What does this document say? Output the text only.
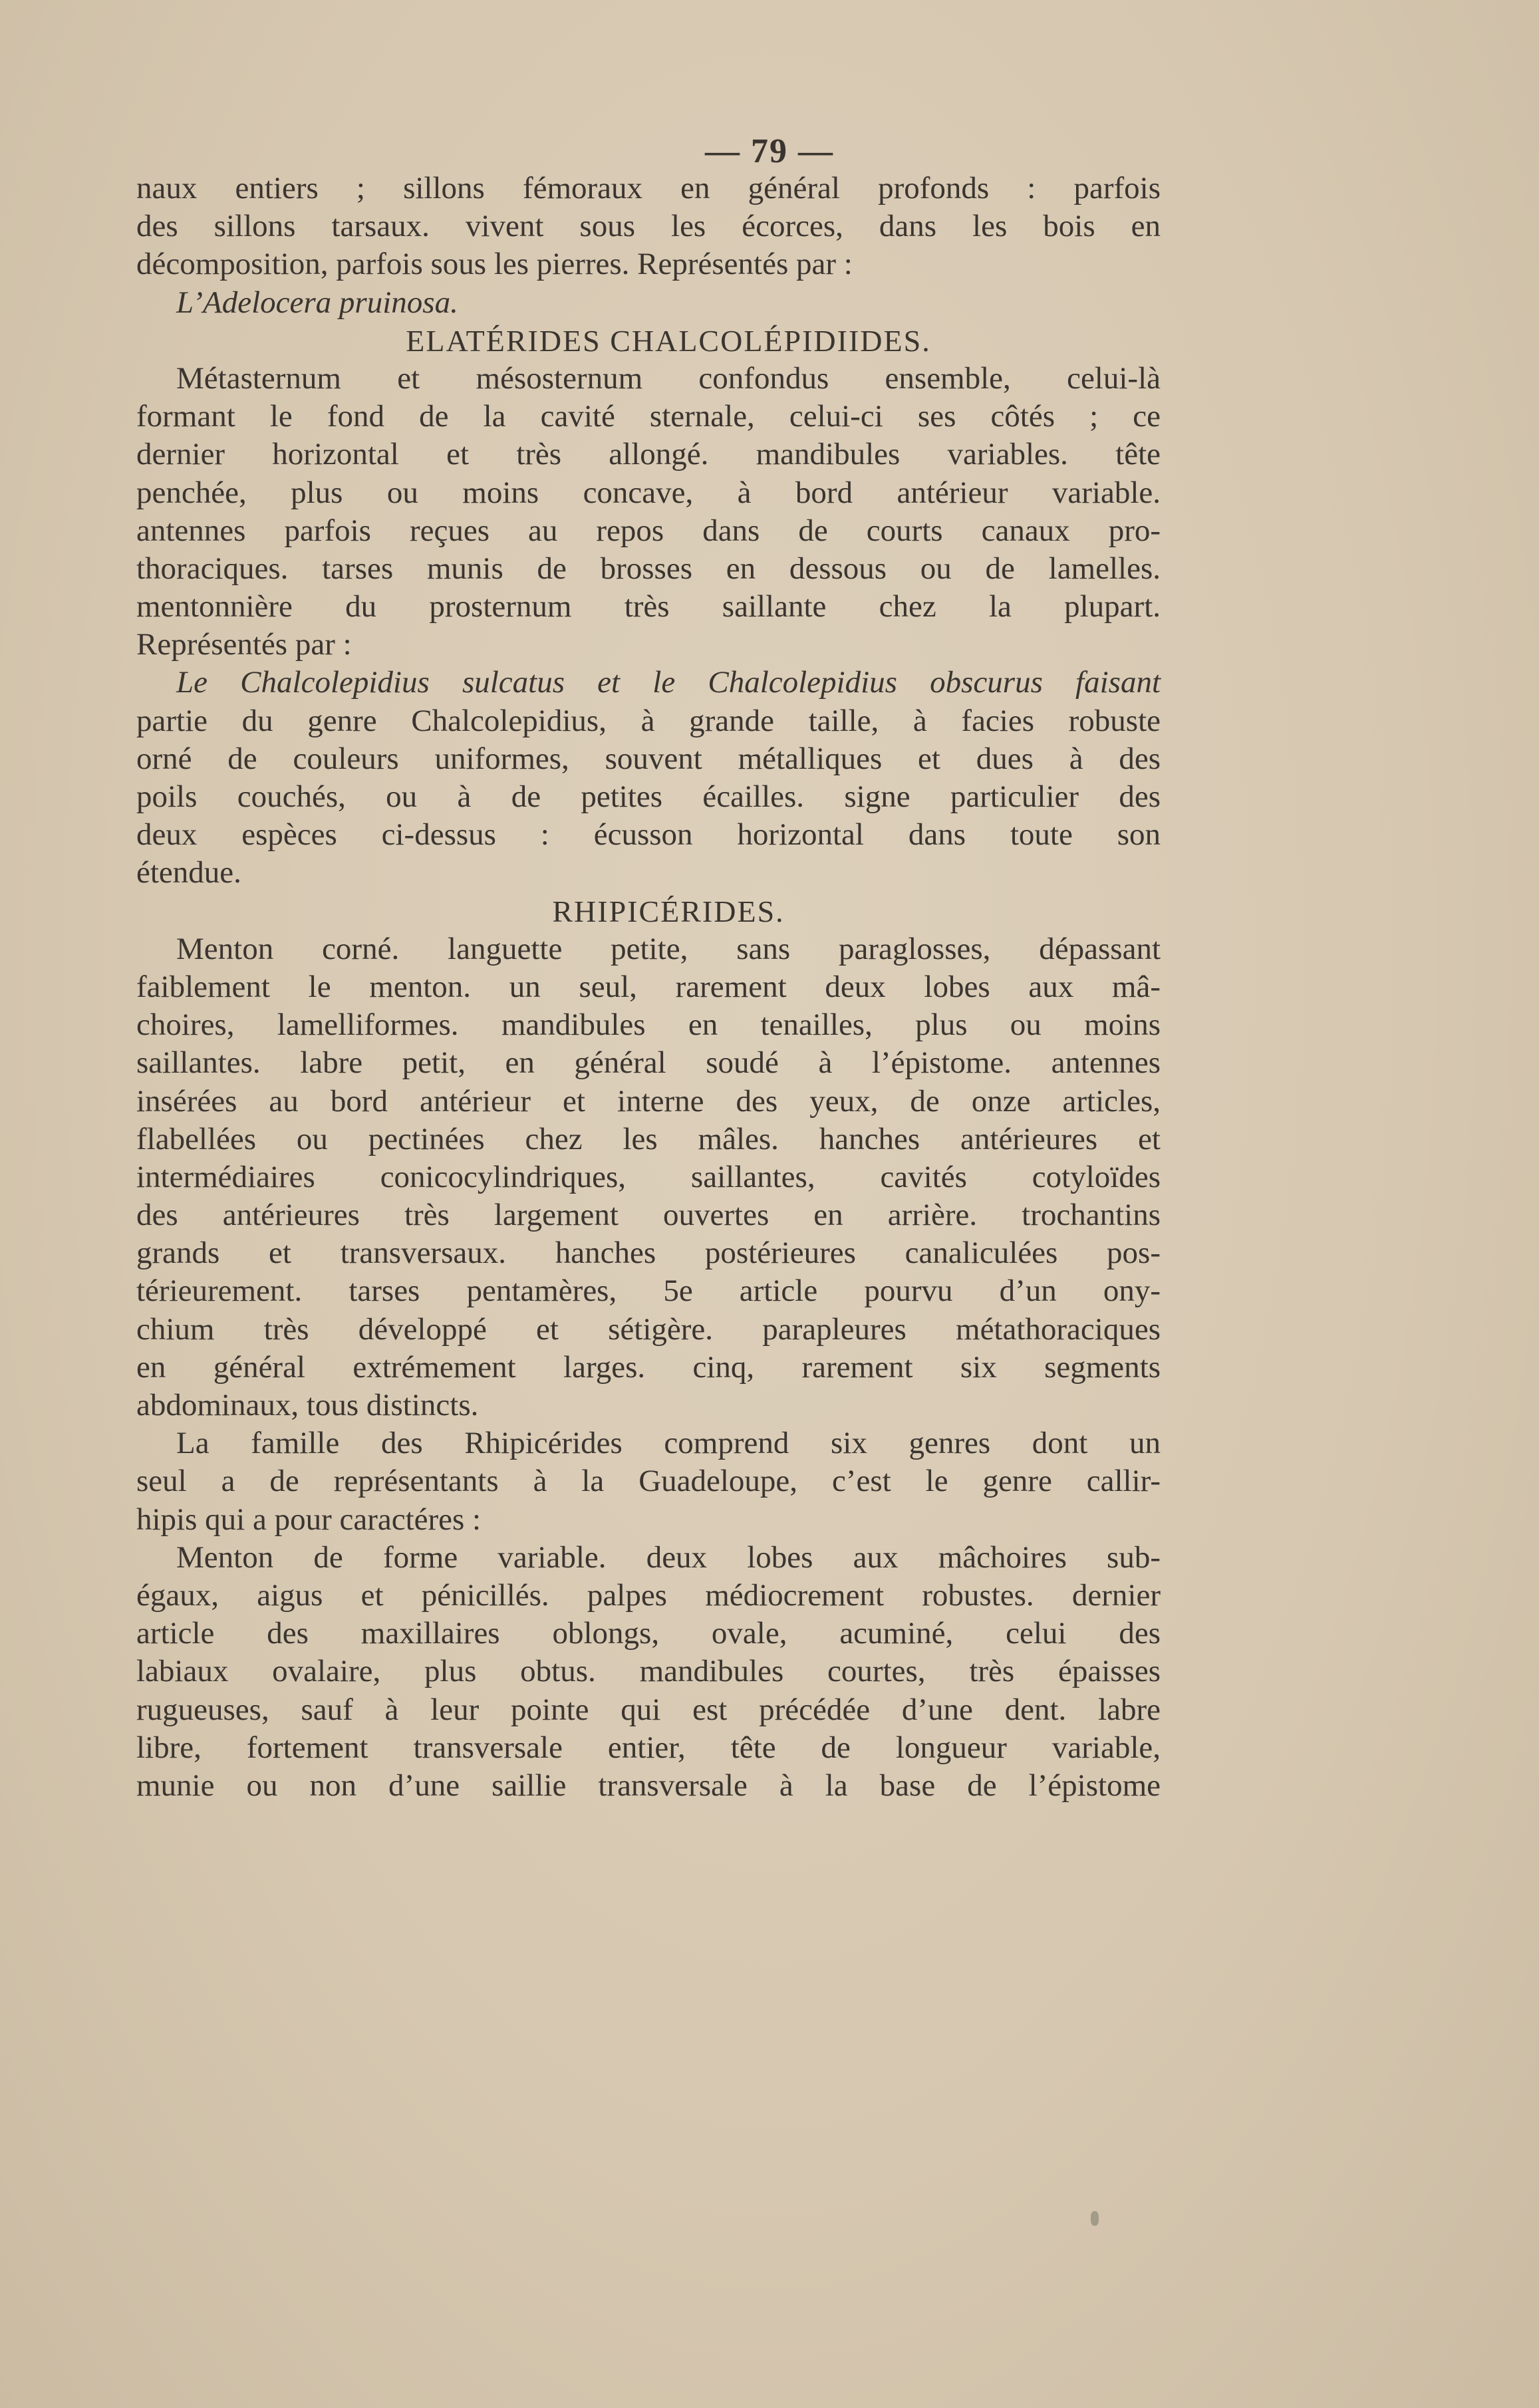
— 79 —
naux entiers ; sillons fémoraux en général profonds : parfois
des sillons tarsaux. vivent sous les écorces, dans les bois en
décomposition, parfois sous les pierres. Représentés par :
L’Adelocera pruinosa.
ELATÉRIDES CHALCOLÉPIDIIDES.
Métasternum et mésosternum confondus ensemble, celui-là
formant le fond de la cavité sternale, celui-ci ses côtés ; ce
dernier horizontal et très allongé. mandibules variables. tête
penchée, plus ou moins concave, à bord antérieur variable.
antennes parfois reçues au repos dans de courts canaux pro-
thoraciques. tarses munis de brosses en dessous ou de lamelles.
mentonnière du prosternum très saillante chez la plupart.
Représentés par :
Le Chalcolepidius sulcatus et le Chalcolepidius obscurus faisant
partie du genre Chalcolepidius, à grande taille, à facies robuste
orné de couleurs uniformes, souvent métalliques et dues à des
poils couchés, ou à de petites écailles. signe particulier des
deux espèces ci-dessus : écusson horizontal dans toute son
étendue.
RHIPICÉRIDES.
Menton corné. languette petite, sans paraglosses, dépassant
faiblement le menton. un seul, rarement deux lobes aux mâ-
choires, lamelliformes. mandibules en tenailles, plus ou moins
saillantes. labre petit, en général soudé à l’épistome. antennes
insérées au bord antérieur et interne des yeux, de onze articles,
flabellées ou pectinées chez les mâles. hanches antérieures et
intermédiaires conicocylindriques, saillantes, cavités cotyloïdes
des antérieures très largement ouvertes en arrière. trochantins
grands et transversaux. hanches postérieures canaliculées pos-
térieurement. tarses pentamères, 5e article pourvu d’un ony-
chium très développé et sétigère. parapleures métathoraciques
en général extrémement larges. cinq, rarement six segments
abdominaux, tous distincts.
La famille des Rhipicérides comprend six genres dont un
seul a de représentants à la Guadeloupe, c’est le genre callir-
hipis qui a pour caractéres :
Menton de forme variable. deux lobes aux mâchoires sub-
égaux, aigus et pénicillés. palpes médiocrement robustes. dernier
article des maxillaires oblongs, ovale, acuminé, celui des
labiaux ovalaire, plus obtus. mandibules courtes, très épaisses
rugueuses, sauf à leur pointe qui est précédée d’une dent. labre
libre, fortement transversale entier, tête de longueur variable,
munie ou non d’une saillie transversale à la base de l’épistome
